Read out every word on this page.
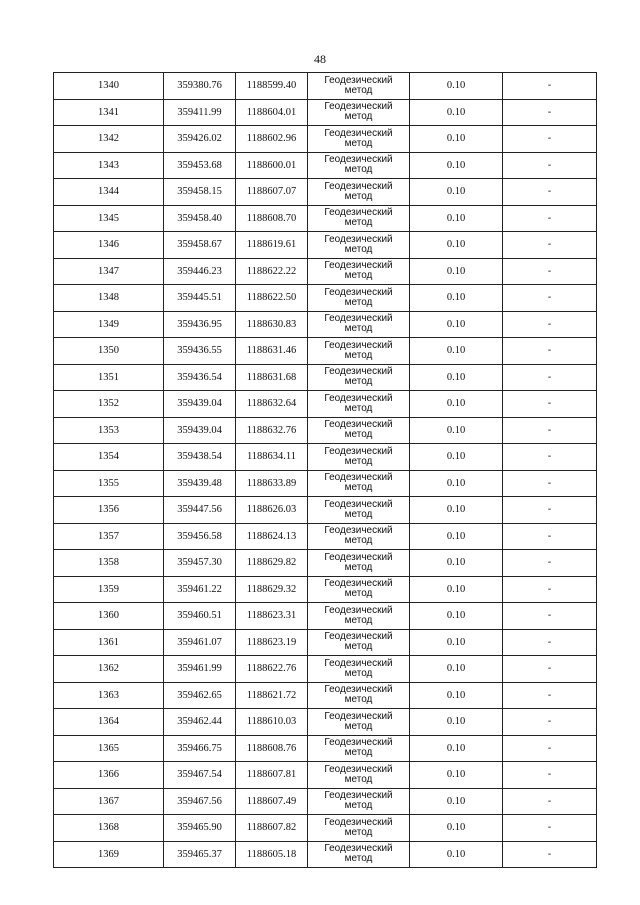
48
1340	359380.76	1188599.40	Геодезический
метод	0.10	-
1341	359411.99	1188604.01	Геодезический
метод	0.10	-
1342	359426.02	1188602.96	Геодезический
метод	0.10	-
1343	359453.68	1188600.01	Геодезический
метод	0.10	-
1344	359458.15	1188607.07	Геодезический
метод	0.10	-
1345	359458.40	1188608.70	Геодезический
метод	0.10	-
1346	359458.67	1188619.61	Геодезический
метод	0.10	-
1347	359446.23	1188622.22	Геодезический
метод	0.10	-
1348	359445.51	1188622.50	Геодезический
метод	0.10	-
1349	359436.95	1188630.83	Геодезический
метод	0.10	-
1350	359436.55	1188631.46	Геодезический
метод	0.10	-
1351	359436.54	1188631.68	Геодезический
метод	0.10	-
1352	359439.04	1188632.64	Геодезический
метод	0.10	-
1353	359439.04	1188632.76	Геодезический
метод	0.10	-
1354	359438.54	1188634.11	Геодезический
метод	0.10	-
1355	359439.48	1188633.89	Геодезический
метод	0.10	-
1356	359447.56	1188626.03	Геодезический
метод	0.10	-
1357	359456.58	1188624.13	Геодезический
метод	0.10	-
1358	359457.30	1188629.82	Геодезический
метод	0.10	-
1359	359461.22	1188629.32	Геодезический
метод	0.10	-
1360	359460.51	1188623.31	Геодезический
метод	0.10	-
1361	359461.07	1188623.19	Геодезический
метод	0.10	-
1362	359461.99	1188622.76	Геодезический
метод	0.10	-
1363	359462.65	1188621.72	Геодезический
метод	0.10	-
1364	359462.44	1188610.03	Геодезический
метод	0.10	-
1365	359466.75	1188608.76	Геодезический
метод	0.10	-
1366	359467.54	1188607.81	Геодезический
метод	0.10	-
1367	359467.56	1188607.49	Геодезический
метод	0.10	-
1368	359465.90	1188607.82	Геодезический
метод	0.10	-
1369	359465.37	1188605.18	Геодезический
метод	0.10	-
